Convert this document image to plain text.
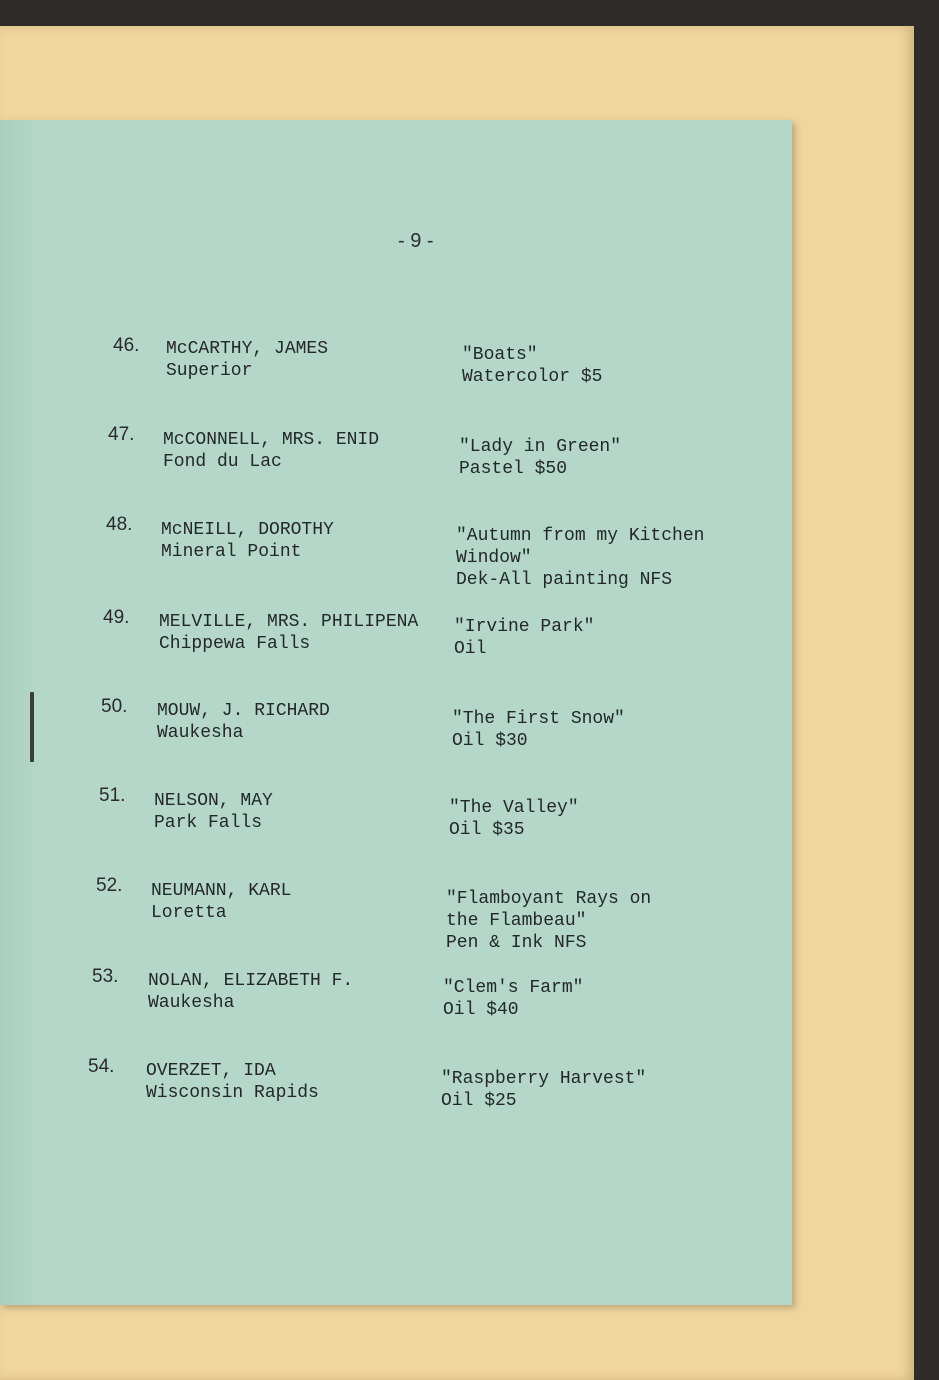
- 9 -
46. McCARTHY, JAMES
Superior
"Boats"
Watercolor $5
47. McCONNELL, MRS. ENID
Fond du Lac
"Lady in Green"
Pastel $50
48. McNEILL, DOROTHY
Mineral Point
"Autumn from my Kitchen
Window"
Dek-All painting NFS
49. MELVILLE, MRS. PHILIPENA
Chippewa Falls
"Irvine Park"
Oil
50. MOUW, J. RICHARD
Waukesha
"The First Snow"
Oil $30
51. NELSON, MAY
Park Falls
"The Valley"
Oil $35
52. NEUMANN, KARL
Loretta
"Flamboyant Rays on
the Flambeau"
Pen & Ink NFS
53. NOLAN, ELIZABETH F.
Waukesha
"Clem's Farm"
Oil $40
54. OVERZET, IDA
Wisconsin Rapids
"Raspberry Harvest"
Oil $25
